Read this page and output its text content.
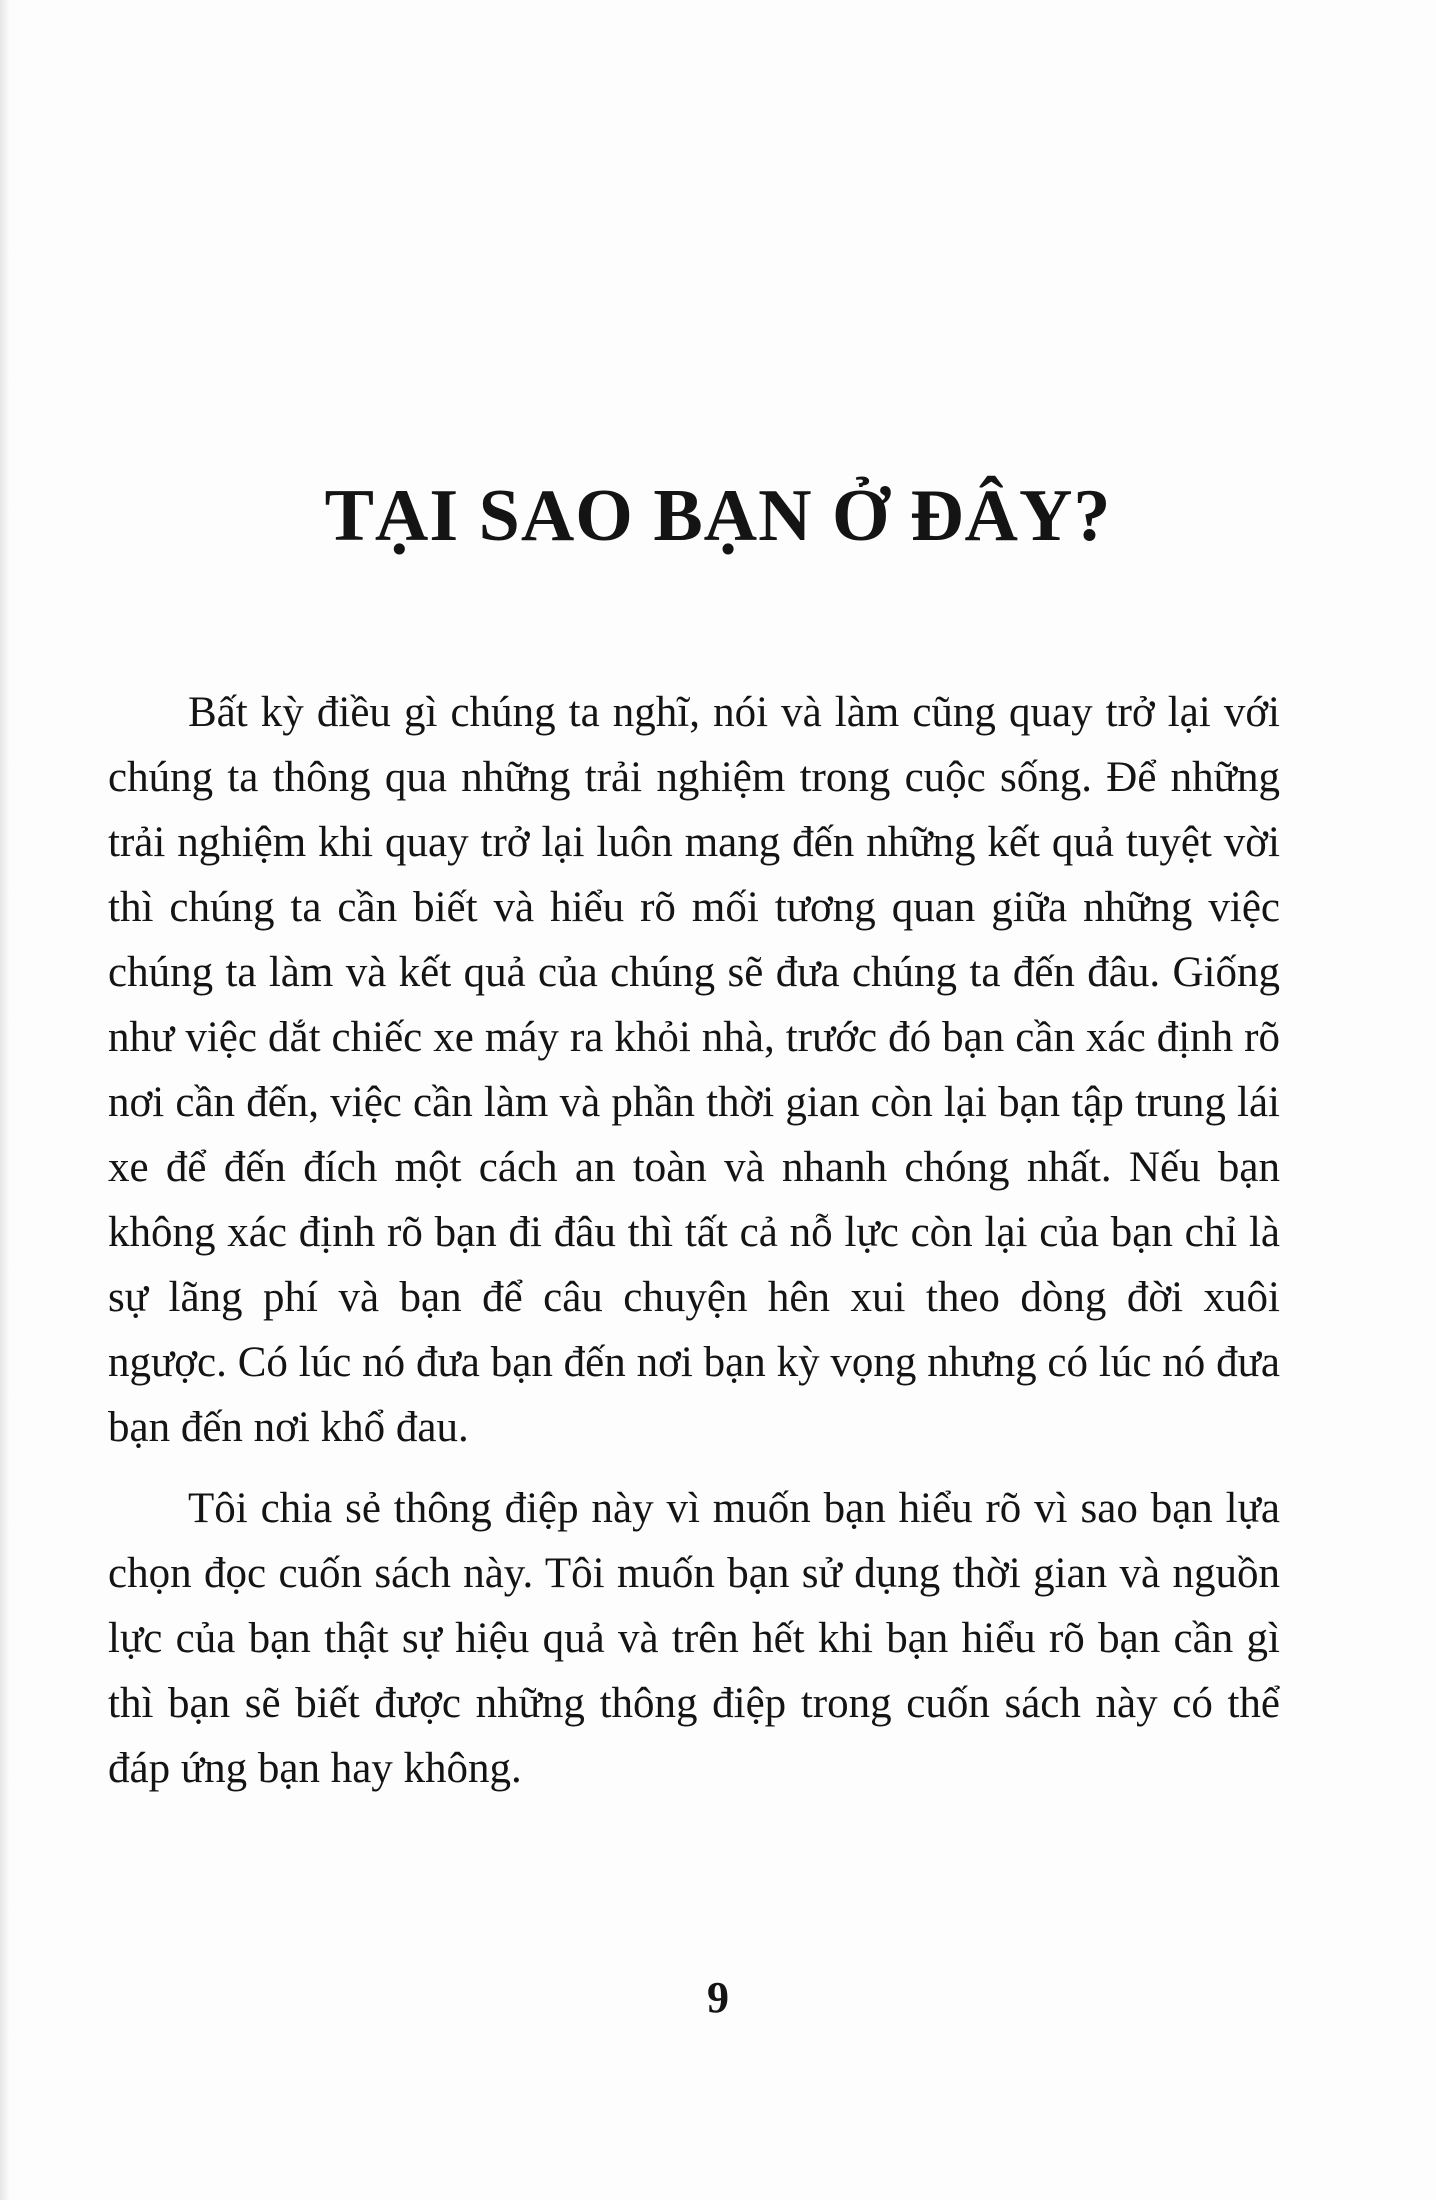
TẠI SAO BẠN Ở ĐÂY?

Bất kỳ điều gì chúng ta nghĩ, nói và làm cũng quay trở lại với chúng ta thông qua những trải nghiệm trong cuộc sống. Để những trải nghiệm khi quay trở lại luôn mang đến những kết quả tuyệt vời thì chúng ta cần biết và hiểu rõ mối tương quan giữa những việc chúng ta làm và kết quả của chúng sẽ đưa chúng ta đến đâu. Giống như việc dắt chiếc xe máy ra khỏi nhà, trước đó bạn cần xác định rõ nơi cần đến, việc cần làm và phần thời gian còn lại bạn tập trung lái xe để đến đích một cách an toàn và nhanh chóng nhất. Nếu bạn không xác định rõ bạn đi đâu thì tất cả nỗ lực còn lại của bạn chỉ là sự lãng phí và bạn để câu chuyện hên xui theo dòng đời xuôi ngược. Có lúc nó đưa bạn đến nơi bạn kỳ vọng nhưng có lúc nó đưa bạn đến nơi khổ đau.

Tôi chia sẻ thông điệp này vì muốn bạn hiểu rõ vì sao bạn lựa chọn đọc cuốn sách này. Tôi muốn bạn sử dụng thời gian và nguồn lực của bạn thật sự hiệu quả và trên hết khi bạn hiểu rõ bạn cần gì thì bạn sẽ biết được những thông điệp trong cuốn sách này có thể đáp ứng bạn hay không.

9
